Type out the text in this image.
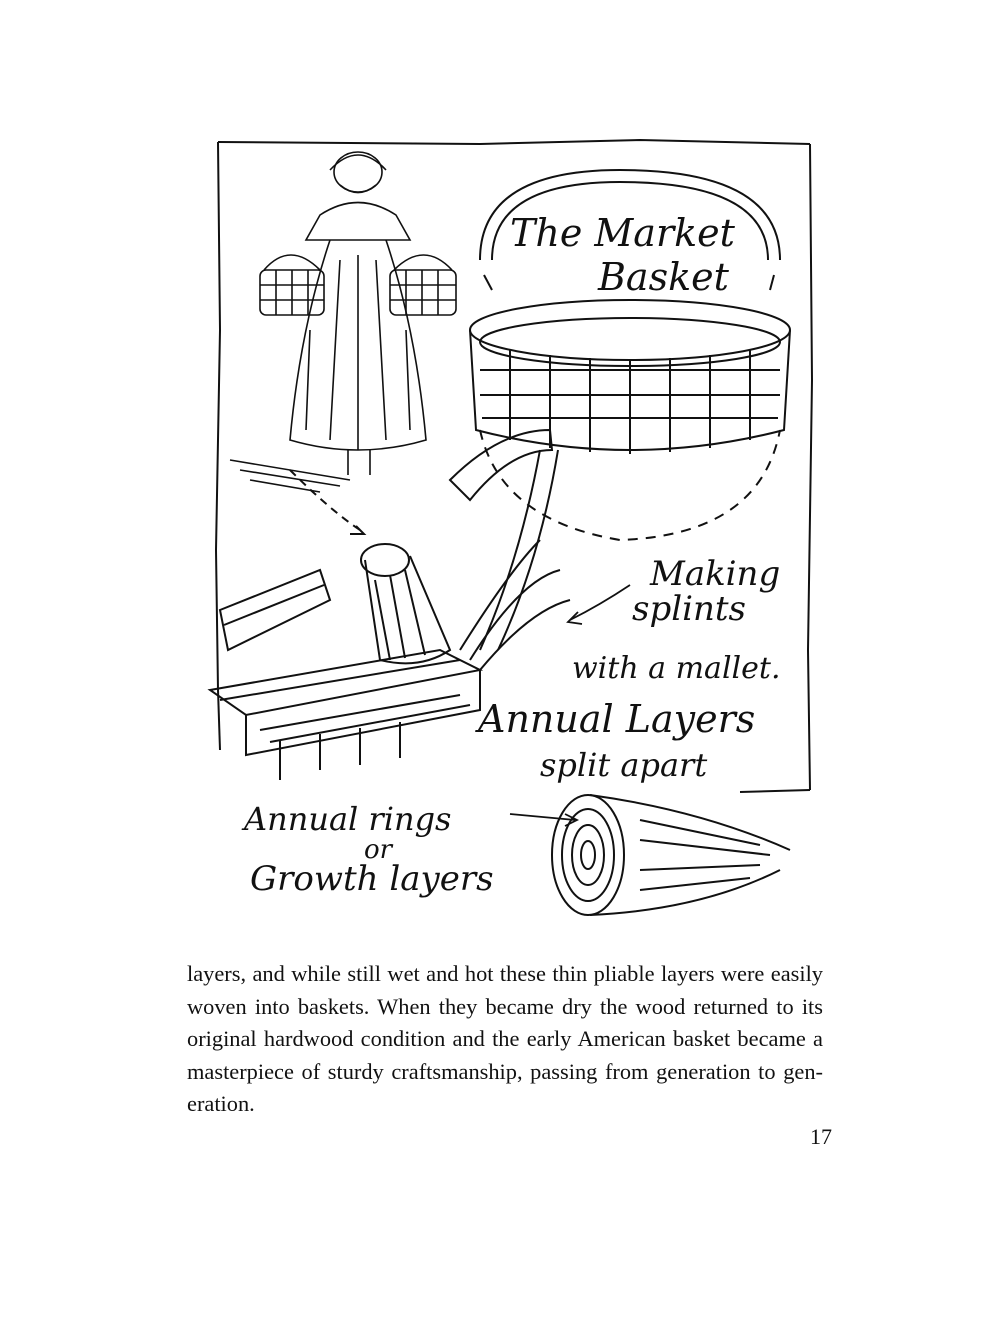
The Market
Basket
Making
splints
with a mallet.
Annual Layers
split apart
Annual rings
or
Growth layers

layers, and while still wet and hot these thin pliable layers were easily
woven into baskets. When they became dry the wood returned to its
original hardwood condition and the early American basket became a
masterpiece of sturdy craftsmanship, passing from generation to gen-
eration.

17
